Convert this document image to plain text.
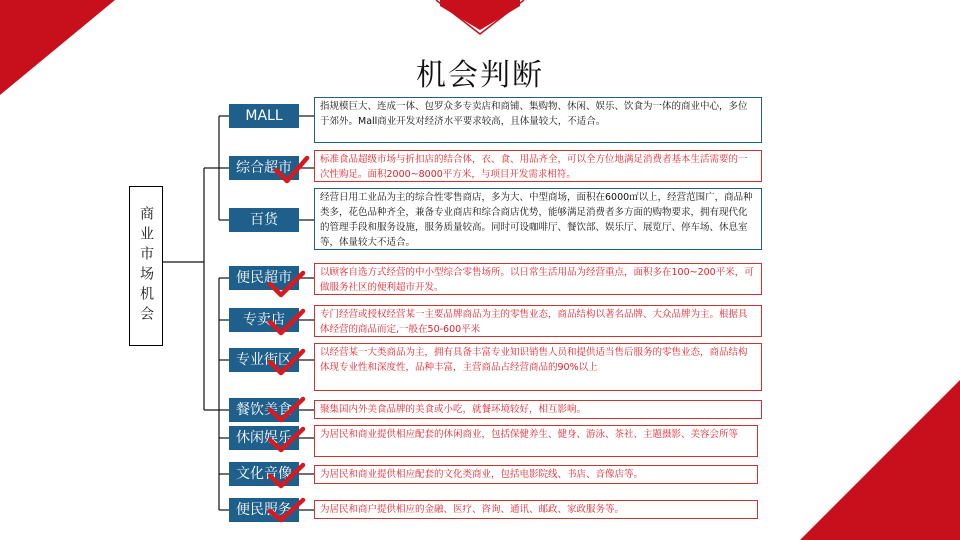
机会判断
商业市场机会
MALL
综合超市
百货
便民超市
专卖店
专业街区
餐饮美食
休闲娱乐
文化音像
便民服务
指规模巨大、连成一体、包罗众多专卖店和商铺、集购物、休闲、娱乐、饮食为一体的商业中心，多位于郊外。Mall商业开发对经济水平要求较高，且体量较大，不适合。
标准食品超级市场与折扣店的结合体，衣、食、用品齐全，可以全方位地满足消费者基本生活需要的一次性购足。面积2000~8000平方米，与项目开发需求相符。
经营日用工业品为主的综合性零售商店，多为大、中型商场，面积在6000㎡以上，经营范围广，商品种类多，花色品种齐全，兼备专业商店和综合商店优势，能够满足消费者多方面的购物要求，拥有现代化的管理手段和服务设施，服务质量较高。同时可设咖啡厅、餐饮部、娱乐厅、展览厅、停车场、休息室等，体量较大不适合。
以顾客自选方式经营的中小型综合零售场所。以日常生活用品为经营重点，面积多在100~200平米，可做服务社区的便利超市开发。
专门经营或授权经营某一主要品牌商品为主的零售业态，商品结构以著名品牌、大众品牌为主。根据具体经营的商品而定,一般在50-600平米
以经营某一大类商品为主，拥有具备丰富专业知识销售人员和提供适当售后服务的零售业态，商品结构体现专业性和深度性，品种丰富，主营商品占经营商品的90%以上
聚集国内外美食品牌的美食或小吃，就餐环境较好，相互影响。
为居民和商业提供相应配套的休闲商业，包括保健养生、健身、游泳、茶社、主题摄影、美容会所等
为居民和商业提供相应配套的文化类商业，包括电影院线、书店、音像店等。
为居民和商户提供相应的金融、医疗、咨询、通讯、邮政、家政服务等。
